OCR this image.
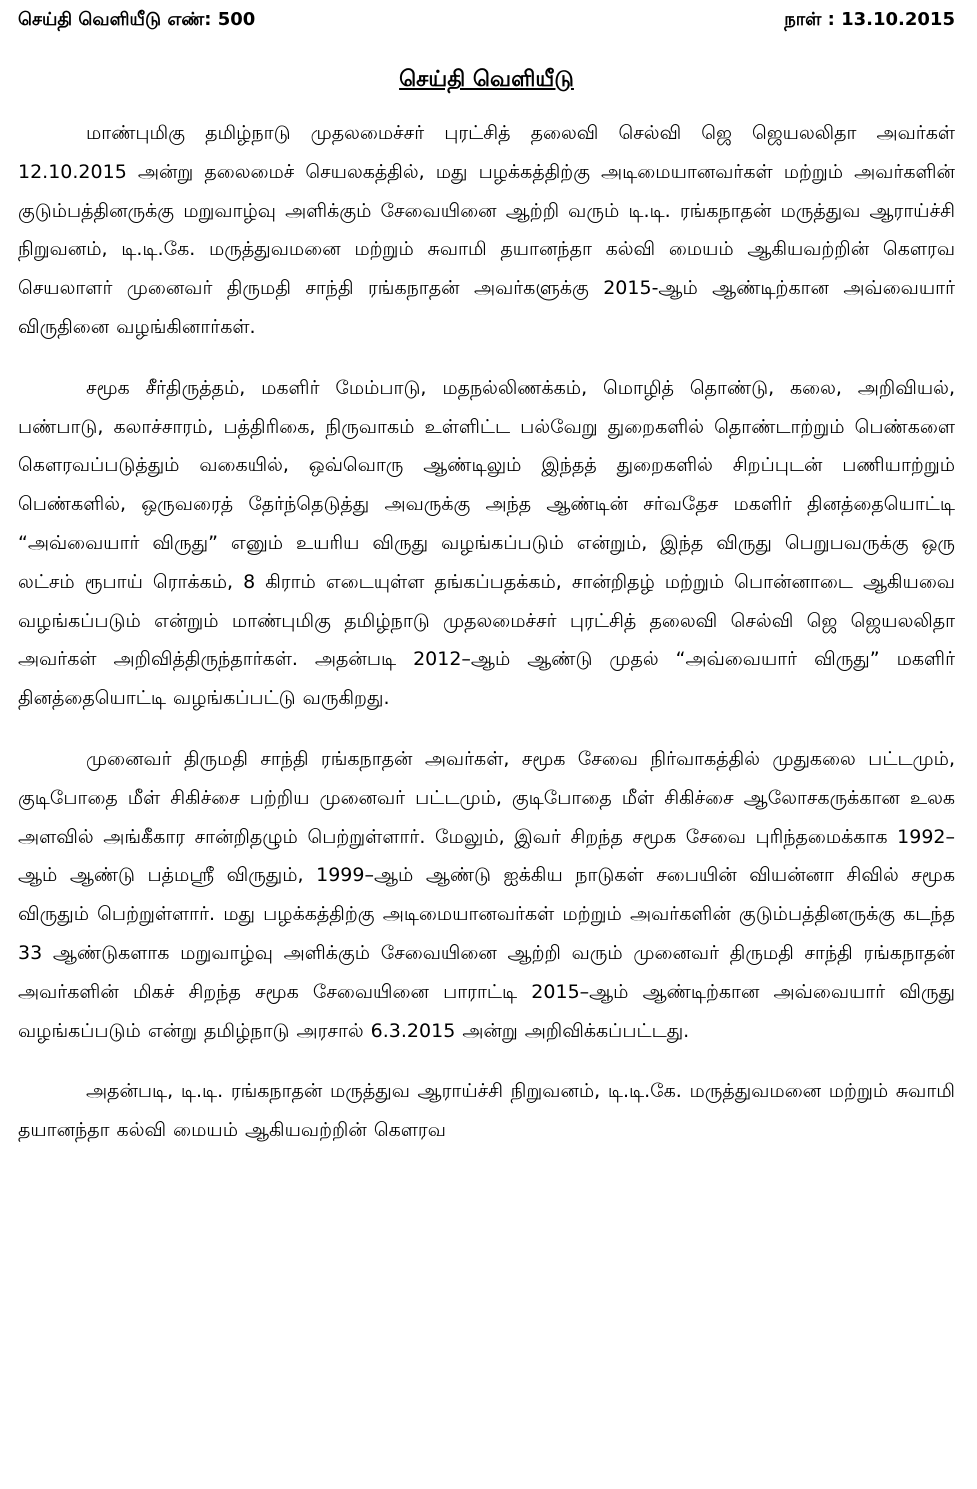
செய்தி வெளியீடு எண்: 500	நாள் : 13.10.2015
செய்தி வெளியீடு

மாண்புமிகு தமிழ்நாடு முதலமைச்சர் புரட்சித் தலைவி செல்வி ஜெ ஜெயலலிதா அவர்கள் 12.10.2015 அன்று தலைமைச் செயலகத்தில், மது பழக்கத்திற்கு அடிமையானவர்கள் மற்றும் அவர்களின் குடும்பத்தினருக்கு மறுவாழ்வு அளிக்கும் சேவையினை ஆற்றி வரும் டி.டி. ரங்கநாதன் மருத்துவ ஆராய்ச்சி நிறுவனம், டி.டி.கே. மருத்துவமனை மற்றும் சுவாமி தயானந்தா கல்வி மையம் ஆகியவற்றின் கௌரவ செயலாளர் முனைவர் திருமதி சாந்தி ரங்கநாதன் அவர்களுக்கு 2015-ஆம் ஆண்டிற்கான அவ்வையார் விருதினை வழங்கினார்கள்.

சமூக சீர்திருத்தம், மகளிர் மேம்பாடு, மதநல்லிணக்கம், மொழித் தொண்டு, கலை, அறிவியல், பண்பாடு, கலாச்சாரம், பத்திரிகை, நிருவாகம் உள்ளிட்ட பல்வேறு துறைகளில் தொண்டாற்றும் பெண்களை கௌரவப்படுத்தும் வகையில், ஒவ்வொரு ஆண்டிலும் இந்தத் துறைகளில் சிறப்புடன் பணியாற்றும் பெண்களில், ஒருவரைத் தேர்ந்தெடுத்து அவருக்கு அந்த ஆண்டின் சர்வதேச மகளிர் தினத்தையொட்டி “அவ்வையார் விருது” எனும் உயரிய விருது வழங்கப்படும் என்றும், இந்த விருது பெறுபவருக்கு ஒரு லட்சம் ரூபாய் ரொக்கம், 8 கிராம் எடையுள்ள தங்கப்பதக்கம், சான்றிதழ் மற்றும் பொன்னாடை ஆகியவை வழங்கப்படும் என்றும் மாண்புமிகு தமிழ்நாடு முதலமைச்சர் புரட்சித் தலைவி செல்வி ஜெ ஜெயலலிதா அவர்கள் அறிவித்திருந்தார்கள். அதன்படி 2012–ஆம் ஆண்டு முதல் “அவ்வையார் விருது” மகளிர் தினத்தையொட்டி வழங்கப்பட்டு வருகிறது.

முனைவர் திருமதி சாந்தி ரங்கநாதன் அவர்கள், சமூக சேவை நிர்வாகத்தில் முதுகலை பட்டமும், குடிபோதை மீள் சிகிச்சை பற்றிய முனைவர் பட்டமும், குடிபோதை மீள் சிகிச்சை ஆலோசகருக்கான உலக அளவில் அங்கீகார சான்றிதழும் பெற்றுள்ளார். மேலும், இவர் சிறந்த சமூக சேவை புரிந்தமைக்காக 1992–ஆம் ஆண்டு பத்மஸ்ரீ விருதும், 1999–ஆம் ஆண்டு ஐக்கிய நாடுகள் சபையின் வியன்னா சிவில் சமூக விருதும் பெற்றுள்ளார். மது பழக்கத்திற்கு அடிமையானவர்கள் மற்றும் அவர்களின் குடும்பத்தினருக்கு கடந்த 33 ஆண்டுகளாக மறுவாழ்வு அளிக்கும் சேவையினை ஆற்றி வரும் முனைவர் திருமதி சாந்தி ரங்கநாதன் அவர்களின் மிகச் சிறந்த சமூக சேவையினை பாராட்டி 2015–ஆம் ஆண்டிற்கான அவ்வையார் விருது வழங்கப்படும் என்று தமிழ்நாடு அரசால் 6.3.2015 அன்று அறிவிக்கப்பட்டது.

அதன்படி, டி.டி. ரங்கநாதன் மருத்துவ ஆராய்ச்சி நிறுவனம், டி.டி.கே. மருத்துவமனை மற்றும் சுவாமி தயானந்தா கல்வி மையம் ஆகியவற்றின் கௌரவ
